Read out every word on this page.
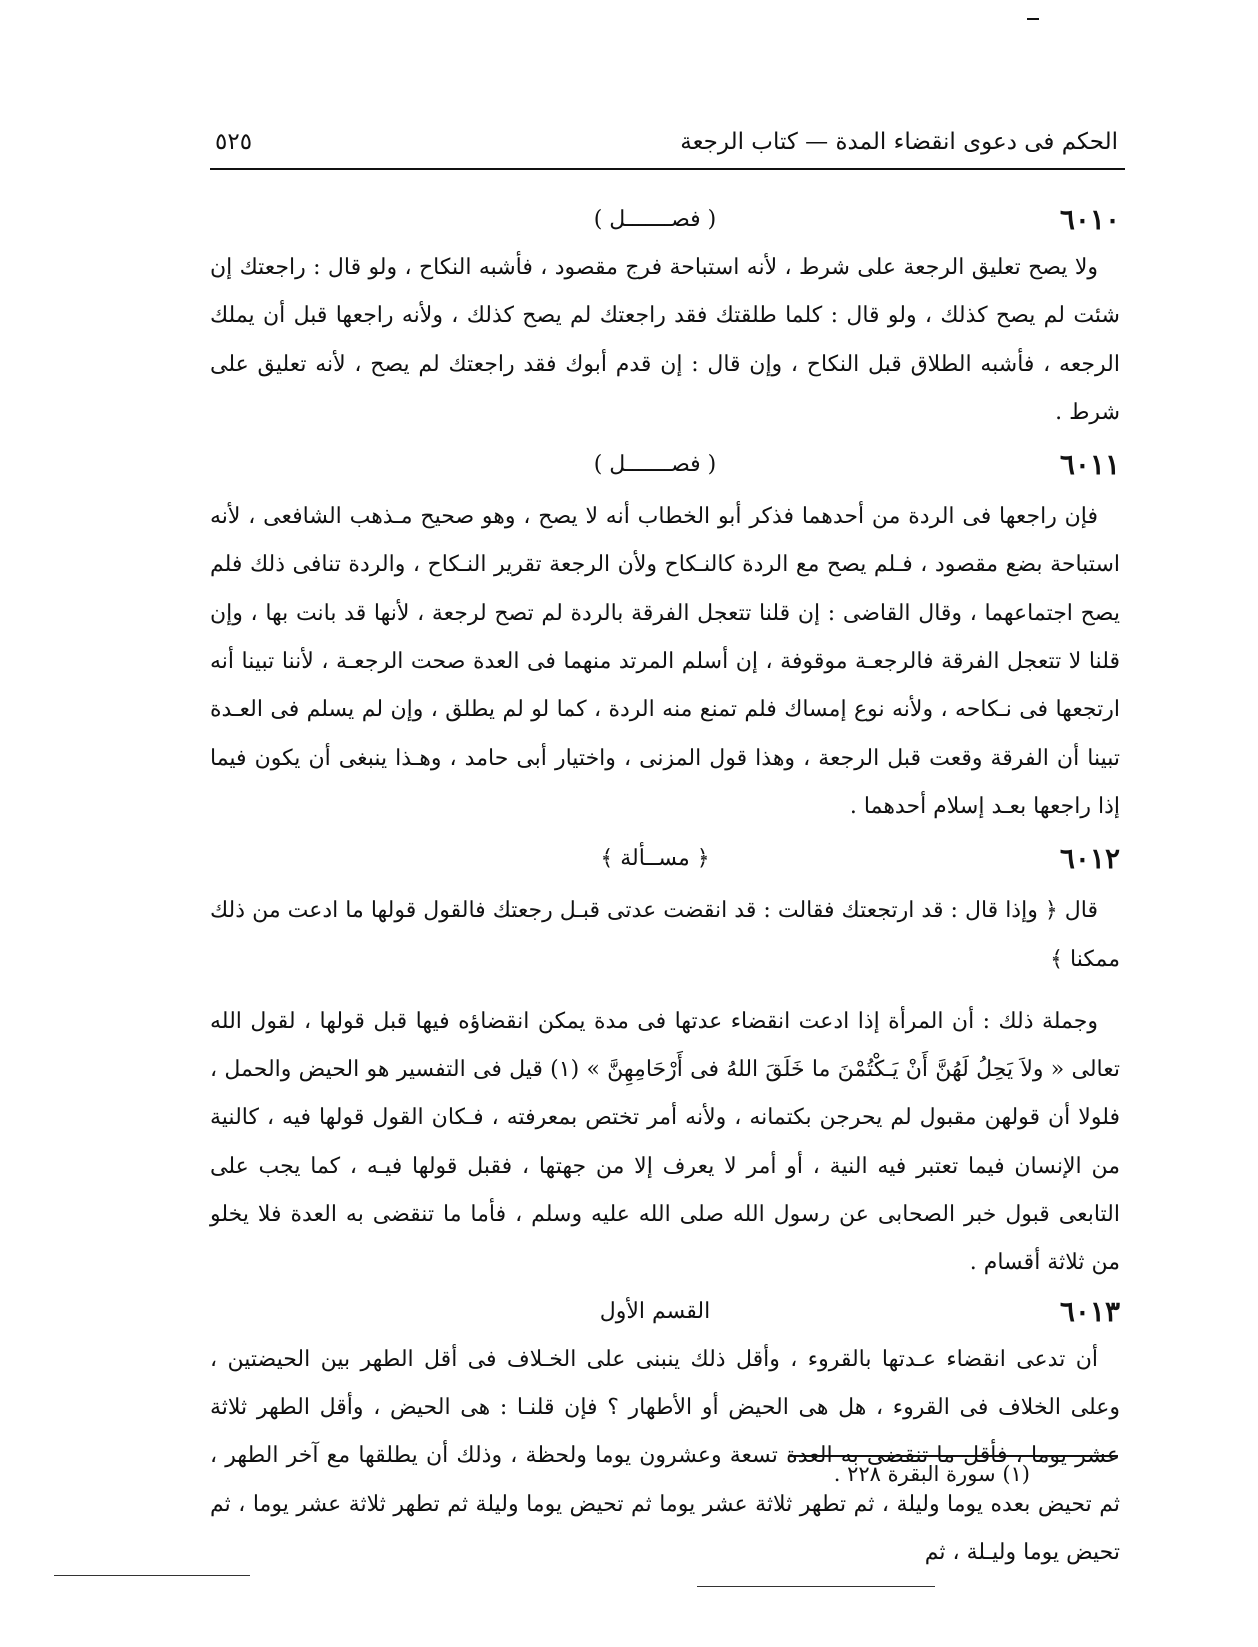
الحكم فى دعوى انقضاء المدة — كتاب الرجعة
٥٢٥
٦٠١٠
( فصـــــــل )

ولا يصح تعليق الرجعة على شرط ، لأنه استباحة فرج مقصود ، فأشبه النكاح ، ولو قال : راجعتك إن شئت لم يصح كذلك ، ولو قال : كلما طلقتك فقد راجعتك لم يصح كذلك ، ولأنه راجعها قبل أن يملك الرجعه ، فأشبه الطلاق قبل النكاح ، وإن قال : إن قدم أبوك فقد راجعتك لم يصح ، لأنه تعليق على شرط .

٦٠١١
( فصـــــــل )

فإن راجعها فى الردة من أحدهما فذكر أبو الخطاب أنه لا يصح ، وهو صحيح مـذهب الشافعى ، لأنه استباحة بضع مقصود ، فـلم يصح مع الردة كالنـكاح ولأن الرجعة تقرير النـكاح ، والردة تنافى ذلك فلم يصح اجتماعهما ، وقال القاضى : إن قلنا تتعجل الفرقة بالردة لم تصح لرجعة ، لأنها قد بانت بها ، وإن قلنا لا تتعجل الفرقة فالرجعـة موقوفة ، إن أسلم المرتد منهما فى العدة صحت الرجعـة ، لأننا تبينا أنه ارتجعها فى نـكاحه ، ولأنه نوع إمساك فلم تمنع منه الردة ، كما لو لم يطلق ، وإن لم يسلم فى العـدة تبينا أن الفرقة وقعت قبل الرجعة ، وهذا قول المزنى ، واختيار أبى حامد ، وهـذا ينبغى أن يكون فيما إذا راجعها بعـد إسلام أحدهما .

٦٠١٢
﴿ مســألة ﴾

قال ﴿ وإذا قال : قد ارتجعتك فقالت : قد انقضت عدتى قبـل رجعتك فالقول قولها ما ادعت من ذلك ممكنا ﴾

وجملة ذلك : أن المرأة إذا ادعت انقضاء عدتها فى مدة يمكن انقضاؤه فيها قبل قولها ، لقول الله تعالى « ولاَ يَحِلُ لَهُنَّ أَنْ يَـكْتُمْنَ ما خَلَقَ اللهُ فى أَرْحَامِهِنَّ » (١) قيل فى التفسير هو الحيض والحمل ، فلولا أن قولهن مقبول لم يحرجن بكتمانه ، ولأنه أمر تختص بمعرفته ، فـكان القول قولها فيه ، كالنية من الإنسان فيما تعتبر فيه النية ، أو أمر لا يعرف إلا من جهتها ، فقبل قولها فيـه ، كما يجب على التابعى قبول خبر الصحابى عن رسول الله صلى الله عليه وسلم ، فأما ما تنقضى به العدة فلا يخلو من ثلاثة أقسام .

٦٠١٣
القسم الأول

أن تدعى انقضاء عـدتها بالقروء ، وأقل ذلك ينبنى على الخـلاف فى أقل الطهر بين الحيضتين ، وعلى الخلاف فى القروء ، هل هى الحيض أو الأطهار ؟ فإن قلنـا : هى الحيض ، وأقل الطهر ثلاثة عشر يوما ، فأقل ما تنقضى به العدة تسعة وعشرون يوما ولحظة ، وذلك أن يطلقها مع آخر الطهر ، ثم تحيض بعده يوما وليلة ، ثم تطهر ثلاثة عشر يوما ثم تحيض يوما وليلة ثم تطهر ثلاثة عشر يوما ، ثم تحيض يوما وليـلة ، ثم

(١) سورة البقرة ٢٢٨ .
